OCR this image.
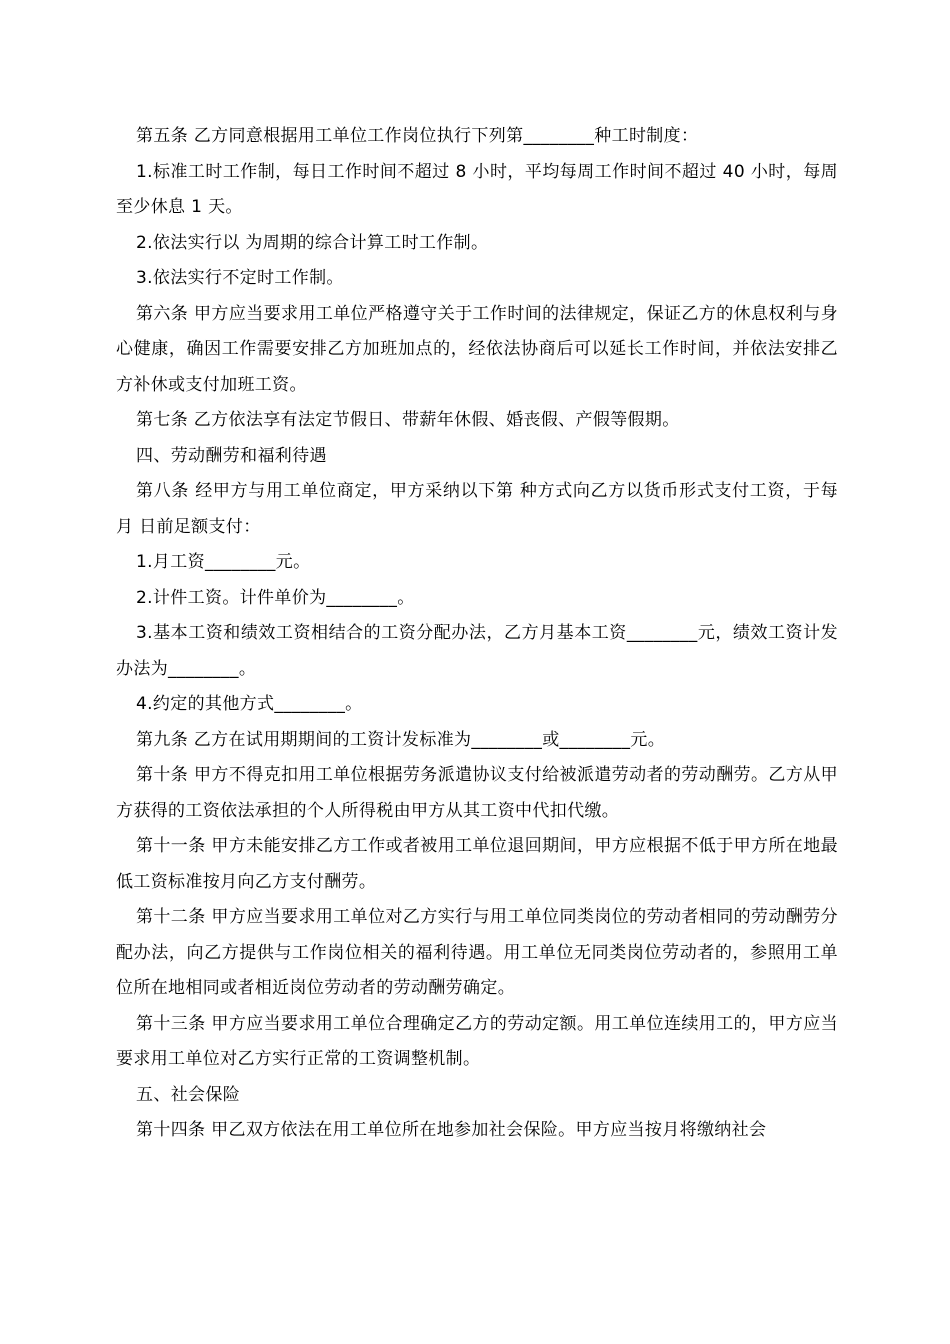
第五条 乙方同意根据用工单位工作岗位执行下列第________种工时制度：

1.标准工时工作制，每日工作时间不超过 8 小时，平均每周工作时间不超过 40 小时，每周至少休息 1 天。

2.依法实行以 为周期的综合计算工时工作制。

3.依法实行不定时工作制。

第六条 甲方应当要求用工单位严格遵守关于工作时间的法律规定，保证乙方的休息权利与身心健康，确因工作需要安排乙方加班加点的，经依法协商后可以延长工作时间，并依法安排乙方补休或支付加班工资。

第七条 乙方依法享有法定节假日、带薪年休假、婚丧假、产假等假期。

四、劳动酬劳和福利待遇

第八条 经甲方与用工单位商定，甲方采纳以下第 种方式向乙方以货币形式支付工资，于每月 日前足额支付：

1.月工资________元。

2.计件工资。计件单价为________。

3.基本工资和绩效工资相结合的工资分配办法，乙方月基本工资________元，绩效工资计发办法为________。

4.约定的其他方式________。

第九条 乙方在试用期期间的工资计发标准为________或________元。

第十条 甲方不得克扣用工单位根据劳务派遣协议支付给被派遣劳动者的劳动酬劳。乙方从甲方获得的工资依法承担的个人所得税由甲方从其工资中代扣代缴。

第十一条 甲方未能安排乙方工作或者被用工单位退回期间，甲方应根据不低于甲方所在地最低工资标准按月向乙方支付酬劳。

第十二条 甲方应当要求用工单位对乙方实行与用工单位同类岗位的劳动者相同的劳动酬劳分配办法，向乙方提供与工作岗位相关的福利待遇。用工单位无同类岗位劳动者的，参照用工单位所在地相同或者相近岗位劳动者的劳动酬劳确定。

第十三条 甲方应当要求用工单位合理确定乙方的劳动定额。用工单位连续用工的，甲方应当要求用工单位对乙方实行正常的工资调整机制。

五、社会保险

第十四条 甲乙双方依法在用工单位所在地参加社会保险。甲方应当按月将缴纳社会
